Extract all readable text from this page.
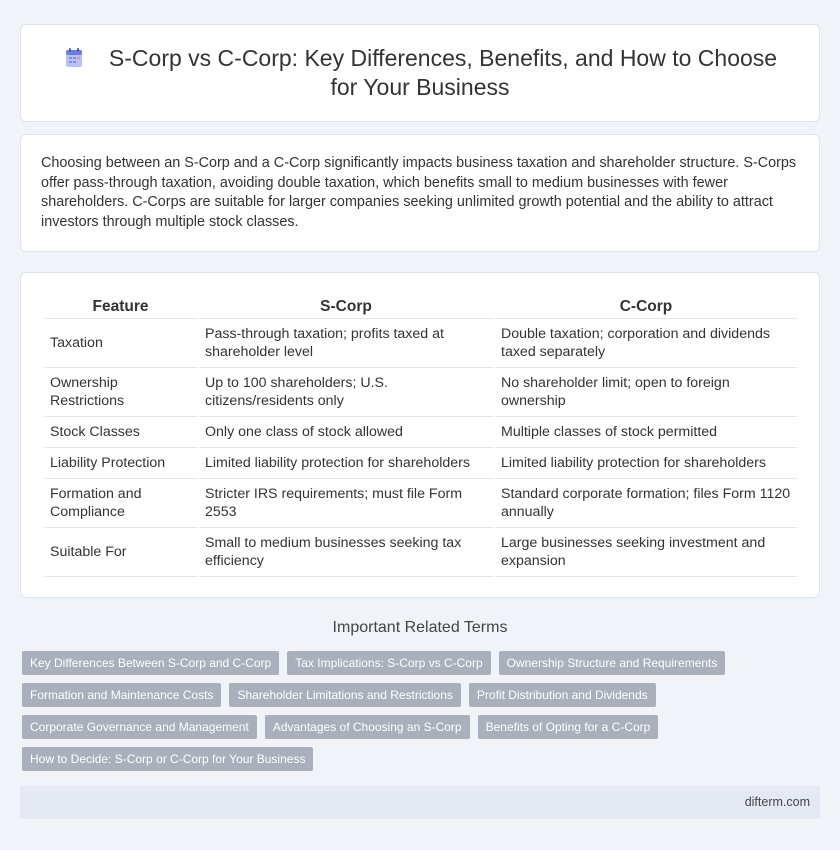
S-Corp vs C-Corp: Key Differences, Benefits, and How to Choose for Your Business

Choosing between an S-Corp and a C-Corp significantly impacts business taxation and shareholder structure. S-Corps offer pass-through taxation, avoiding double taxation, which benefits small to medium businesses with fewer shareholders. C-Corps are suitable for larger companies seeking unlimited growth potential and the ability to attract investors through multiple stock classes.

Feature	S-Corp	C-Corp
Taxation	Pass-through taxation; profits taxed at shareholder level	Double taxation; corporation and dividends taxed separately
Ownership Restrictions	Up to 100 shareholders; U.S. citizens/residents only	No shareholder limit; open to foreign ownership
Stock Classes	Only one class of stock allowed	Multiple classes of stock permitted
Liability Protection	Limited liability protection for shareholders	Limited liability protection for shareholders
Formation and Compliance	Stricter IRS requirements; must file Form 2553	Standard corporate formation; files Form 1120 annually
Suitable For	Small to medium businesses seeking tax efficiency	Large businesses seeking investment and expansion
Important Related Terms
Key Differences Between S-Corp and C-Corp	Tax Implications: S-Corp vs C-Corp	Ownership Structure and Requirements
Formation and Maintenance Costs	Shareholder Limitations and Restrictions	Profit Distribution and Dividends
Corporate Governance and Management	Advantages of Choosing an S-Corp	Benefits of Opting for a C-Corp
How to Decide: S-Corp or C-Corp for Your Business
difterm.com
